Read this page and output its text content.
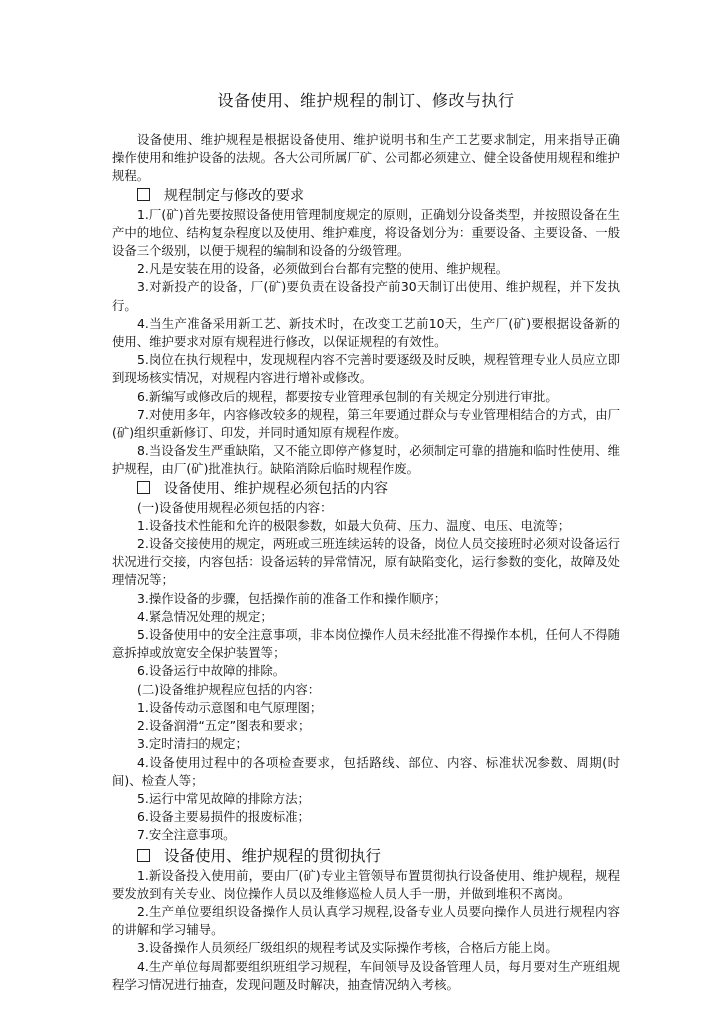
设备使用、维护规程的制订、修改与执行

设备使用、维护规程是根据设备使用、维护说明书和生产工艺要求制定，用来指导正确操作使用和维护设备的法规。各大公司所属厂矿、公司都必须建立、健全设备使用规程和维护规程。

规程制定与修改的要求

1.厂(矿)首先要按照设备使用管理制度规定的原则，正确划分设备类型，并按照设备在生产中的地位、结构复杂程度以及使用、维护难度，将设备划分为：重要设备、主要设备、一般设备三个级别，以便于规程的编制和设备的分级管理。

2.凡是安装在用的设备，必须做到台台都有完整的使用、维护规程。

3.对新投产的设备，厂(矿)要负责在设备投产前30天制订出使用、维护规程，并下发执行。

4.当生产准备采用新工艺、新技术时，在改变工艺前10天，生产厂(矿)要根据设备新的使用、维护要求对原有规程进行修改，以保证规程的有效性。

5.岗位在执行规程中，发现规程内容不完善时要逐级及时反映，规程管理专业人员应立即到现场核实情况，对规程内容进行增补或修改。

6.新编写或修改后的规程，都要按专业管理承包制的有关规定分别进行审批。

7.对使用多年，内容修改较多的规程，第三年要通过群众与专业管理相结合的方式，由厂(矿)组织重新修订、印发，并同时通知原有规程作废。

8.当设备发生严重缺陷，又不能立即停产修复时，必须制定可靠的措施和临时性使用、维护规程，由厂(矿)批准执行。缺陷消除后临时规程作废。

设备使用、维护规程必须包括的内容

(一)设备使用规程必须包括的内容：

1.设备技术性能和允许的极限参数，如最大负荷、压力、温度、电压、电流等；

2.设备交接使用的规定，两班或三班连续运转的设备，岗位人员交接班时必须对设备运行状况进行交接，内容包括：设备运转的异常情况，原有缺陷变化，运行参数的变化，故障及处理情况等；

3.操作设备的步骤，包括操作前的准备工作和操作顺序；

4.紧急情况处理的规定；

5.设备使用中的安全注意事项，非本岗位操作人员未经批准不得操作本机，任何人不得随意拆掉或放宽安全保护装置等；

6.设备运行中故障的排除。

(二)设备维护规程应包括的内容：

1.设备传动示意图和电气原理图；

2.设备润滑“五定”图表和要求；

3.定时清扫的规定；

4.设备使用过程中的各项检查要求，包括路线、部位、内容、标准状况参数、周期(时间)、检查人等；

5.运行中常见故障的排除方法；

6.设备主要易损件的报废标准；

7.安全注意事项。

设备使用、维护规程的贯彻执行

1.新设备投入使用前，要由厂(矿)专业主管领导布置贯彻执行设备使用、维护规程，规程要发放到有关专业、岗位操作人员以及维修巡检人员人手一册，并做到堆积不离岗。

2.生产单位要组织设备操作人员认真学习规程,设备专业人员要向操作人员进行规程内容的讲解和学习辅导。

3.设备操作人员须经厂级组织的规程考试及实际操作考核，合格后方能上岗。

4.生产单位每周都要组织班组学习规程，车间领导及设备管理人员，每月要对生产班组规程学习情况进行抽查，发现问题及时解决，抽查情况纳入考核。
